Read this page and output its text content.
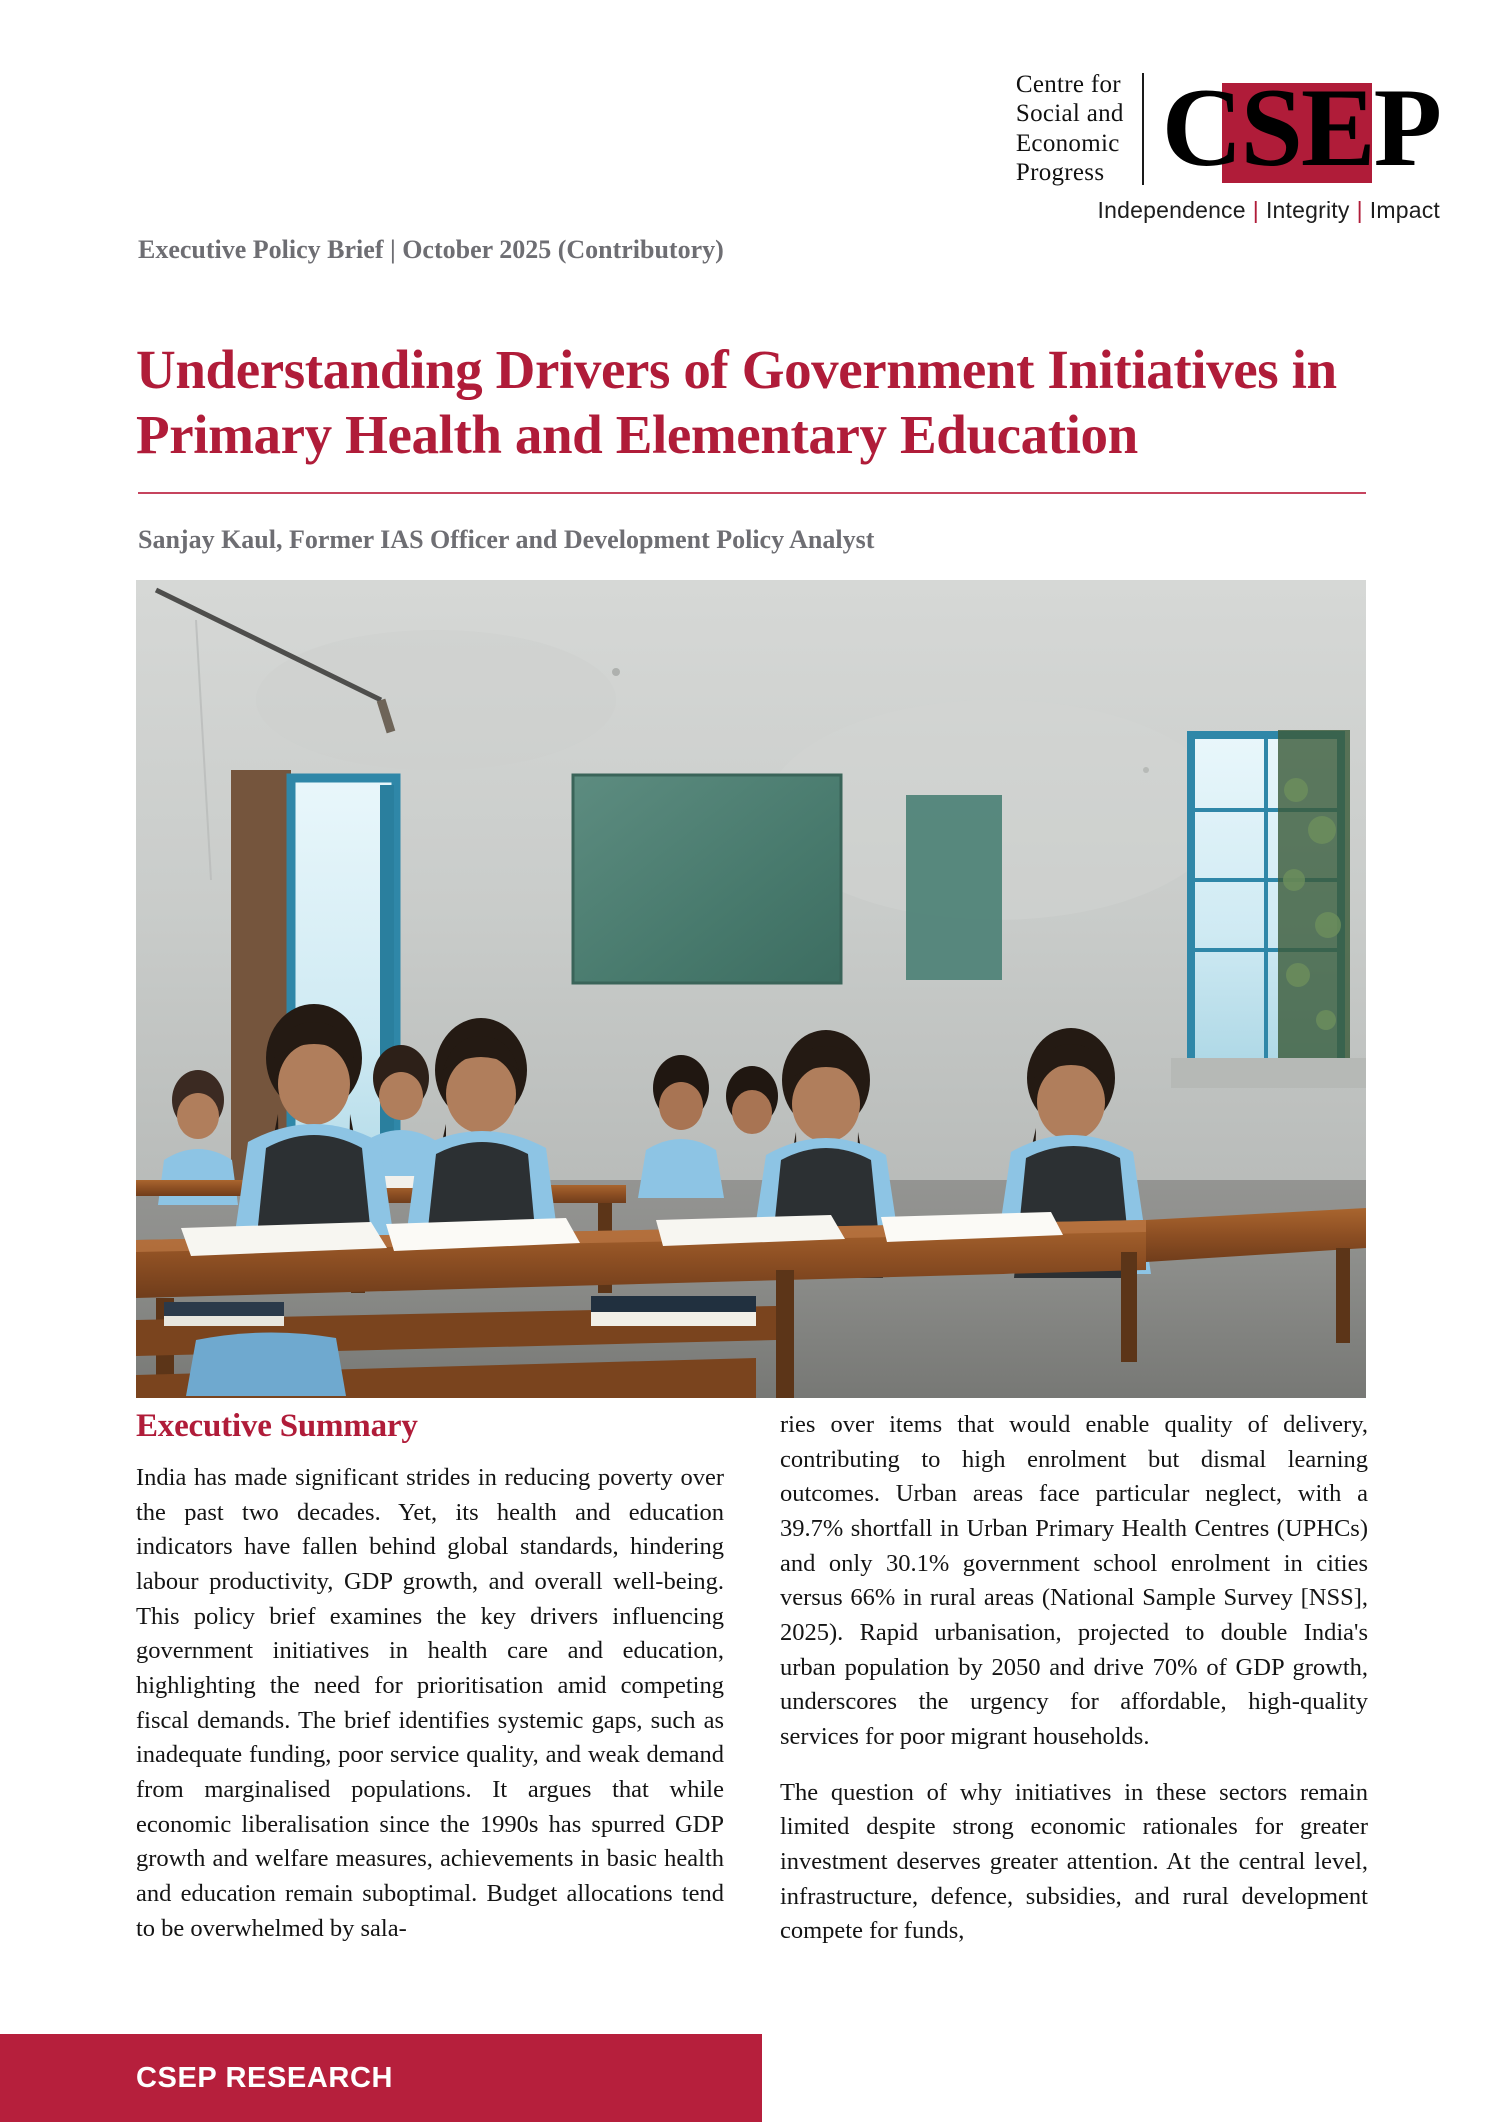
Centre for
Social and
Economic
Progress CSEP
Independence | Integrity | Impact
Executive Policy Brief | October 2025 (Contributory)
Understanding Drivers of Government Initiatives in Primary Health and Elementary Education
Sanjay Kaul, Former IAS Officer and Development Policy Analyst
Executive Summary

India has made significant strides in reducing poverty over the past two decades. Yet, its health and education indicators have fallen behind global standards, hindering labour productivity, GDP growth, and overall well-being. This policy brief examines the key drivers influencing government initiatives in health care and education, highlighting the need for prioritisation amid competing fiscal demands. The brief identifies systemic gaps, such as inadequate funding, poor service quality, and weak demand from marginalised populations. It argues that while economic liberalisation since the 1990s has spurred GDP growth and welfare measures, achievements in basic health and education remain suboptimal. Budget allocations tend to be overwhelmed by sala-

ries over items that would enable quality of delivery, contributing to high enrolment but dismal learning outcomes. Urban areas face particular neglect, with a 39.7% shortfall in Urban Primary Health Centres (UPHCs) and only 30.1% government school enrolment in cities versus 66% in rural areas (National Sample Survey [NSS], 2025). Rapid urbanisation, projected to double India's urban population by 2050 and drive 70% of GDP growth, underscores the urgency for affordable, high-quality services for poor migrant households.

The question of why initiatives in these sectors remain limited despite strong economic rationales for greater investment deserves greater attention. At the central level, infrastructure, defence, subsidies, and rural development compete for funds,

CSEP RESEARCH
